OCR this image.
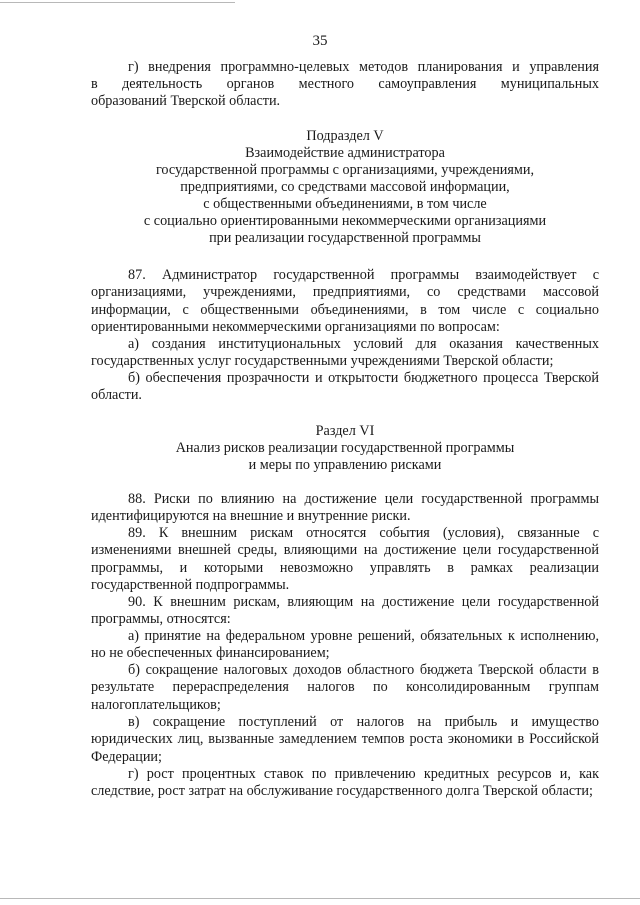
35

г) внедрения программно-целевых методов планирования и управления

в деятельность органов местного самоуправления муниципальных

образований Тверской области.

Подраздел V

Взаимодействие администратора

государственной программы с организациями, учреждениями,

предприятиями, со средствами массовой информации,

с общественными объединениями, в том числе

с социально ориентированными некоммерческими организациями

при реализации государственной программы

87. Администратор государственной программы взаимодействует с организациями, учреждениями, предприятиями, со средствами массовой информации, с общественными объединениями, в том числе с социально ориентированными некоммерческими организациями по вопросам:

а) создания институциональных условий для оказания качественных государственных услуг государственными учреждениями Тверской области;

б) обеспечения прозрачности и открытости бюджетного процесса Тверской области.

Раздел VI

Анализ рисков реализации государственной программы

и меры по управлению рисками

88. Риски по влиянию на достижение цели государственной программы идентифицируются на внешние и внутренние риски.

89. К внешним рискам относятся события (условия), связанные с изменениями внешней среды, влияющими на достижение цели государственной программы, и которыми невозможно управлять в рамках реализации государственной подпрограммы.

90. К внешним рискам, влияющим на достижение цели государственной программы, относятся:

а) принятие на федеральном уровне решений, обязательных к исполнению, но не обеспеченных финансированием;

б) сокращение налоговых доходов областного бюджета Тверской области в результате перераспределения налогов по консолидированным группам налогоплательщиков;

в) сокращение поступлений от налогов на прибыль и имущество юридических лиц, вызванные замедлением темпов роста экономики в Российской Федерации;

г) рост процентных ставок по привлечению кредитных ресурсов и, как следствие, рост затрат на обслуживание государственного долга Тверской области;
